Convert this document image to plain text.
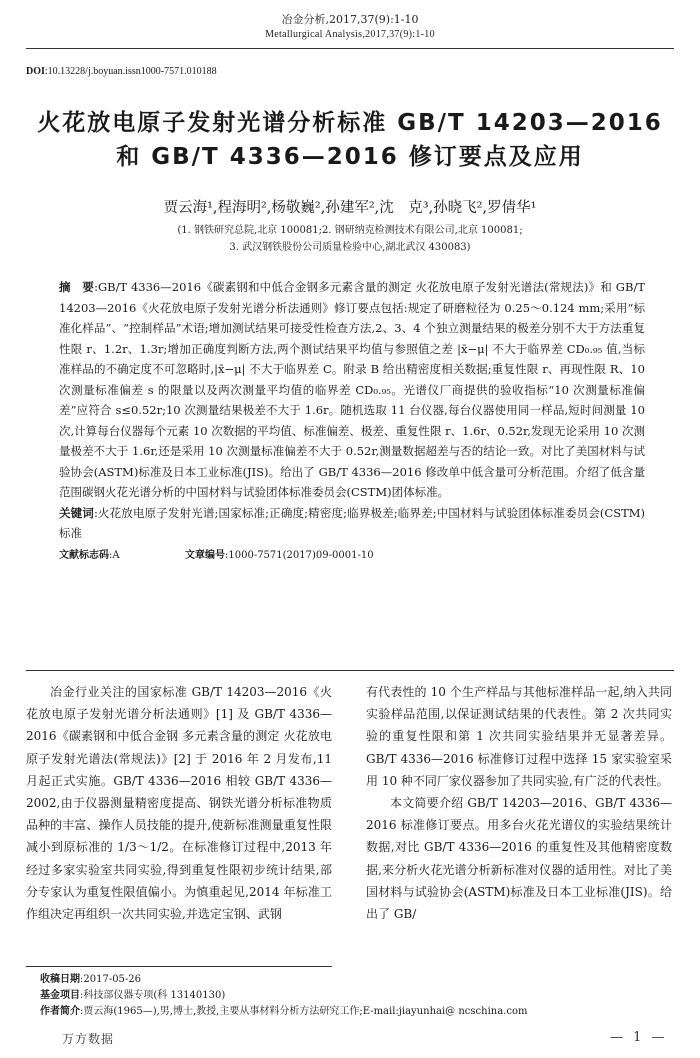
冶金分析,2017,37(9):1-10
Metallurgical Analysis,2017,37(9):1-10
DOI:10.13228/j.boyuan.issn1000-7571.010188
火花放电原子发射光谱分析标准 GB/T 14203—2016
和 GB/T 4336—2016 修订要点及应用
贾云海¹,程海明²,杨敬巍²,孙建军²,沈　克³,孙晓飞²,罗倩华¹
(1. 钢铁研究总院,北京 100081;2. 钢研纳克检测技术有限公司,北京 100081;
3. 武汉钢铁股份公司质量检验中心,湖北武汉 430083)

摘　要:GB/T 4336—2016《碳素钢和中低合金钢多元素含量的测定 火花放电原子发射光谱法(常规法)》和 GB/T 14203—2016《火花放电原子发射光谱分析法通则》修订要点包括:规定了研磨粒径为 0.25～0.124 mm;采用“标准化样品”、“控制样品”术语;增加测试结果可接受性检查方法,2、3、4 个独立测量结果的极差分别不大于方法重复性限 r、1.2r、1.3r;增加正确度判断方法,两个测试结果平均值与参照值之差 |x̄−μ| 不大于临界差 CD₀.₉₅ 值,当标准样品的不确定度不可忽略时,|x̄−μ| 不大于临界差 C。附录 B 给出精密度相关数据;重复性限 r、再现性限 R、10 次测量标准偏差 s 的限量以及两次测量平均值的临界差 CD₀.₉₅。光谱仪厂商提供的验收指标“10 次测量标准偏差”应符合 s≤0.52r;10 次测量结果极差不大于 1.6r。随机选取 11 台仪器,每台仪器使用同一样品,短时间测量 10 次,计算每台仪器每个元素 10 次数据的平均值、标准偏差、极差、重复性限 r、1.6r、0.52r,发现无论采用 10 次测量极差不大于 1.6r,还是采用 10 次测量标准偏差不大于 0.52r,测量数据超差与否的结论一致。对比了美国材料与试验协会(ASTM)标准及日本工业标准(JIS)。给出了 GB/T 4336—2016 修改单中低含量可分析范围。介绍了低含量范围碳钢火花光谱分析的中国材料与试验团体标准委员会(CSTM)团体标准。

关键词:火花放电原子发射光谱;国家标准;正确度;精密度;临界极差;临界差;中国材料与试验团体标准委员会(CSTM)标准

文献标志码:A	文章编号:1000-7571(2017)09-0001-10

冶金行业关注的国家标准 GB/T 14203—2016《火花放电原子发射光谱分析法通则》[1] 及 GB/T 4336—2016《碳素钢和中低合金钢 多元素含量的测定 火花放电原子发射光谱法(常规法)》[2] 于 2016 年 2 月发布,11 月起正式实施。GB/T 4336—2016 相较 GB/T 4336—2002,由于仪器测量精密度提高、钢铁光谱分析标准物质品种的丰富、操作人员技能的提升,使新标准测量重复性限减小到原标准的 1/3～1/2。在标准修订过程中,2013 年经过多家实验室共同实验,得到重复性限初步统计结果,部分专家认为重复性限值偏小。为慎重起见,2014 年标准工作组决定再组织一次共同实验,并选定宝钢、武钢

有代表性的 10 个生产样品与其他标准样品一起,纳入共同实验样品范围,以保证测试结果的代表性。第 2 次共同实验的重复性限和第 1 次共同实验结果并无显著差异。GB/T 4336—2016 标准修订过程中选择 15 家实验室采用 10 种不同厂家仪器参加了共同实验,有广泛的代表性。

本文简要介绍 GB/T 14203—2016、GB/T 4336—2016 标准修订要点。用多台火花光谱仪的实验结果统计数据,对比 GB/T 4336—2016 的重复性及其他精密度数据,来分析火花光谱分析新标准对仪器的适用性。对比了美国材料与试验协会(ASTM)标准及日本工业标准(JIS)。给出了 GB/

收稿日期:2017-05-26
基金项目:科技部仪器专项(科 13140130)
作者简介:贾云海(1965—),男,博士,教授,主要从事材料分析方法研究工作;E-mail:jiayunhai@ ncschina.com
万方数据	— 1 —
